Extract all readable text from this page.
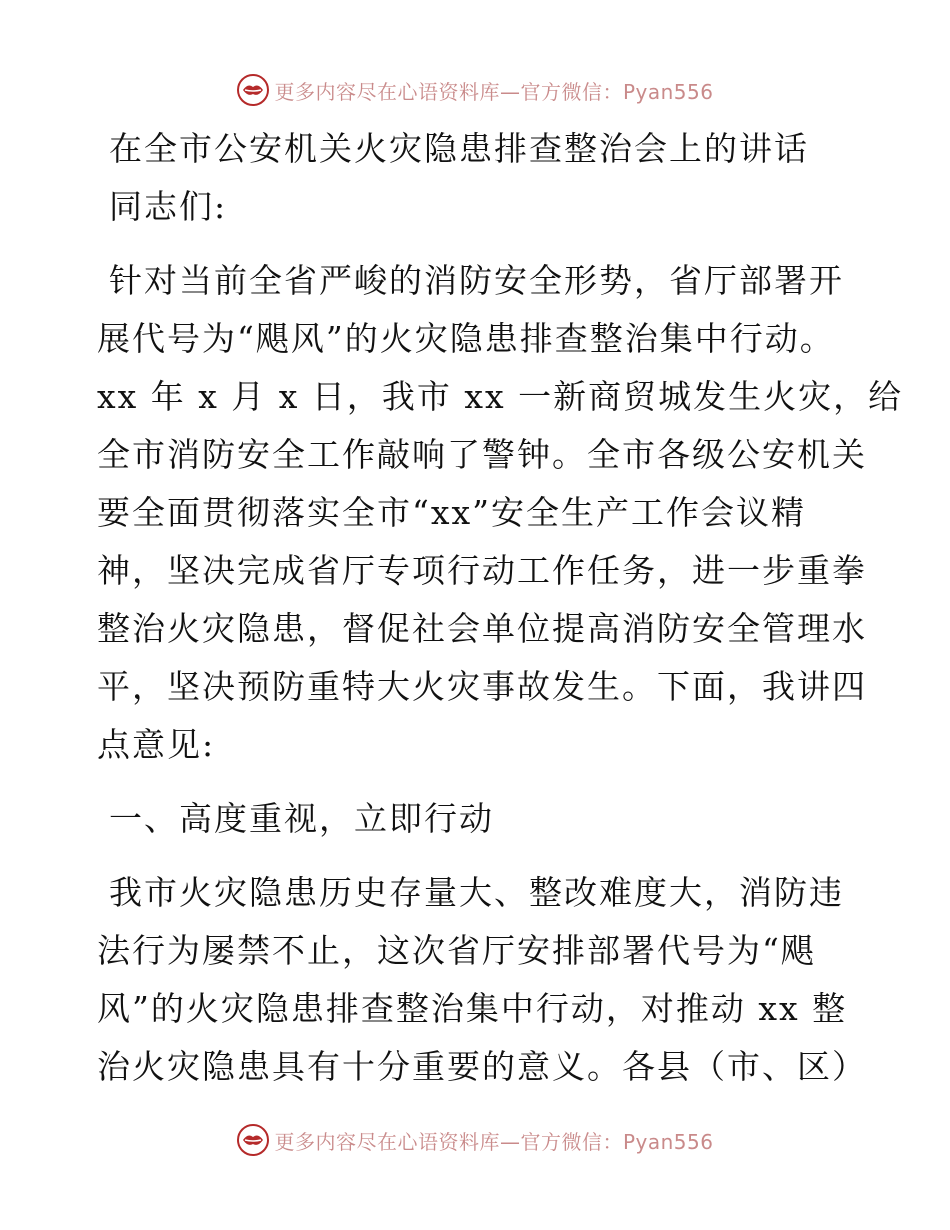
更多内容尽在心语资料库—官方微信：Pyan556
在全市公安机关火灾隐患排查整治会上的讲话
同志们:
针对当前全省严峻的消防安全形势，省厅部署开
展代号为“飓风”的火灾隐患排查整治集中行动。
xx 年 x 月 x 日，我市 xx 一新商贸城发生火灾，给
全市消防安全工作敲响了警钟。全市各级公安机关
要全面贯彻落实全市“xx”安全生产工作会议精
神，坚决完成省厅专项行动工作任务，进一步重拳
整治火灾隐患，督促社会单位提高消防安全管理水
平，坚决预防重特大火灾事故发生。下面，我讲四
点意见:
一、高度重视，立即行动
我市火灾隐患历史存量大、整改难度大，消防违
法行为屡禁不止，这次省厅安排部署代号为“飓
风”的火灾隐患排查整治集中行动，对推动 xx 整
治火灾隐患具有十分重要的意义。各县（市、区）
更多内容尽在心语资料库—官方微信：Pyan556
